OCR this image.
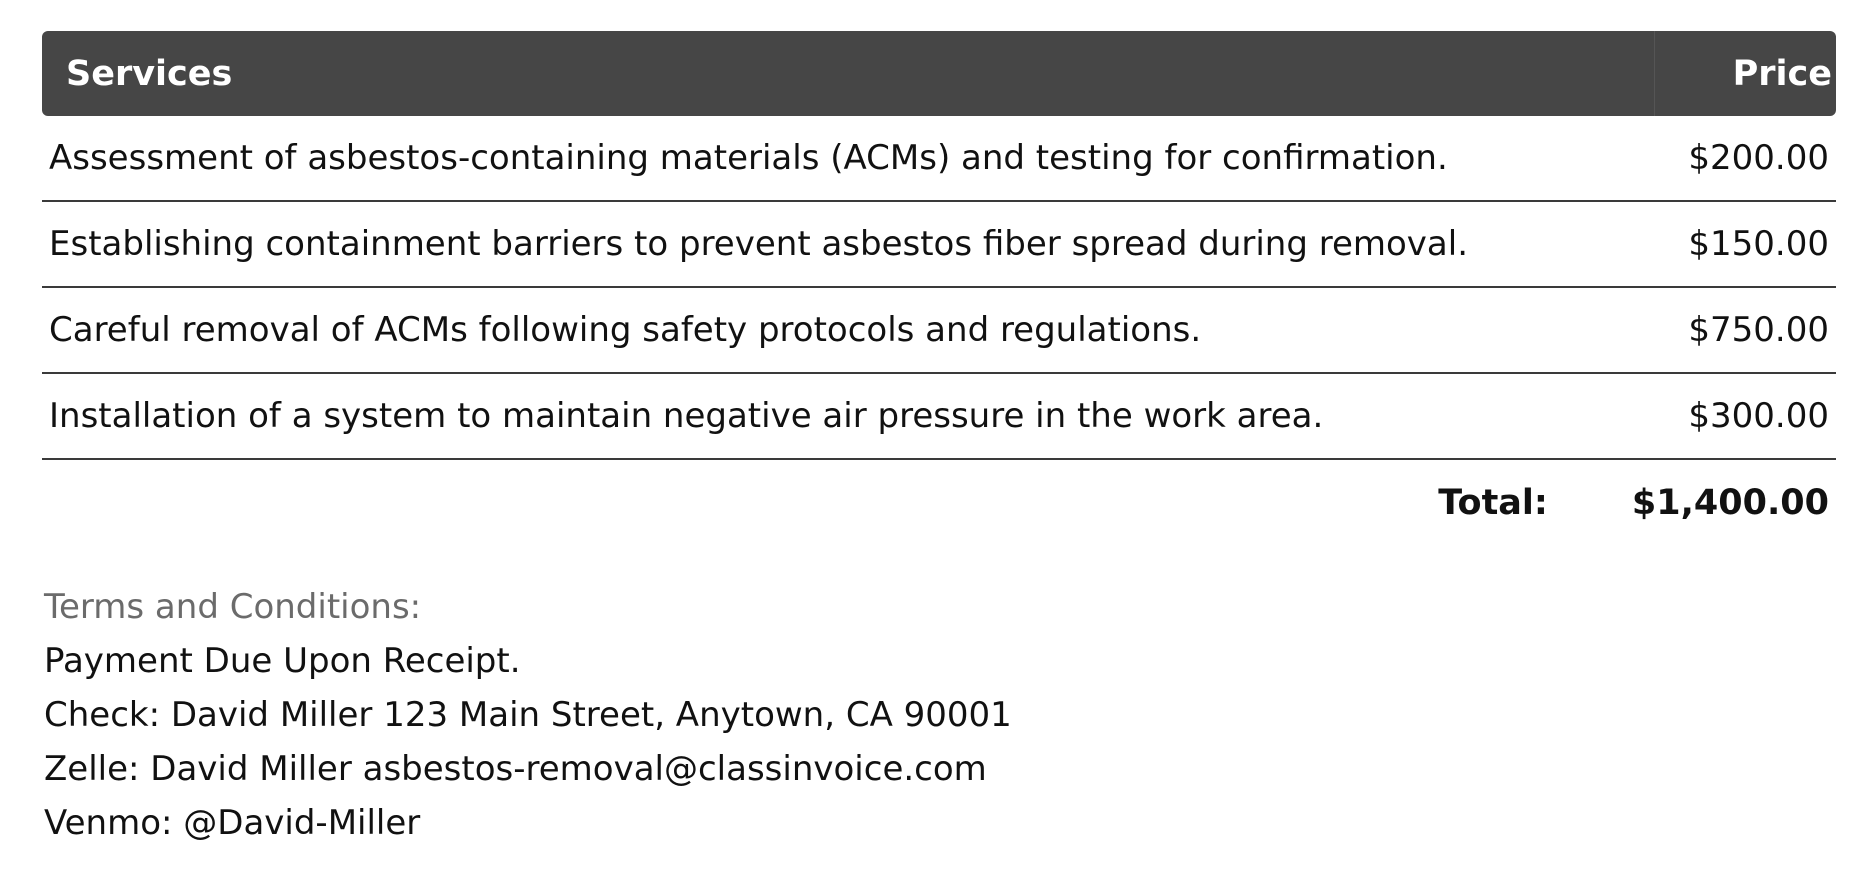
Services	Price
Assessment of asbestos-containing materials (ACMs) and testing for confirmation.	$200.00
Establishing containment barriers to prevent asbestos fiber spread during removal.	$150.00
Careful removal of ACMs following safety protocols and regulations.	$750.00
Installation of a system to maintain negative air pressure in the work area.	$300.00
Total: $1,400.00
Terms and Conditions:
Payment Due Upon Receipt.
Check: David Miller 123 Main Street, Anytown, CA 90001
Zelle: David Miller asbestos-removal@classinvoice.com
Venmo: @David-Miller
